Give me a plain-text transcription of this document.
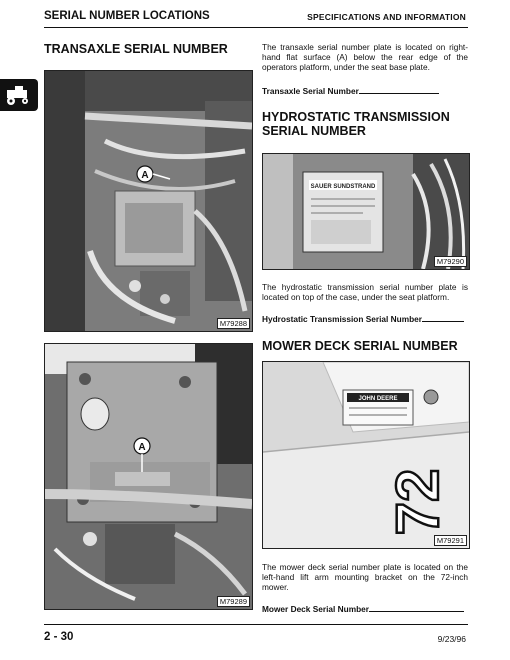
SERIAL NUMBER LOCATIONS	SPECIFICATIONS AND INFORMATION
TRANSAXLE SERIAL NUMBER
A
M79288
A
M79289
The transaxle serial number plate is located on right-hand flat surface (A) below the rear edge of the operators platform, under the seat base plate.
Transaxle Serial Number
HYDROSTATIC TRANSMISSION
SERIAL NUMBER
SAUER SUNDSTRAND
M79290
The hydrostatic transmission serial number plate is located on top of the case, under the seat platform.
Hydrostatic Transmission Serial Number
MOWER DECK SERIAL NUMBER
JOHN DEERE
72
M79291
The mower deck serial number plate is located on the left-hand lift arm mounting bracket on the 72-inch mower.
Mower Deck Serial Number
2 - 30	9/23/96
